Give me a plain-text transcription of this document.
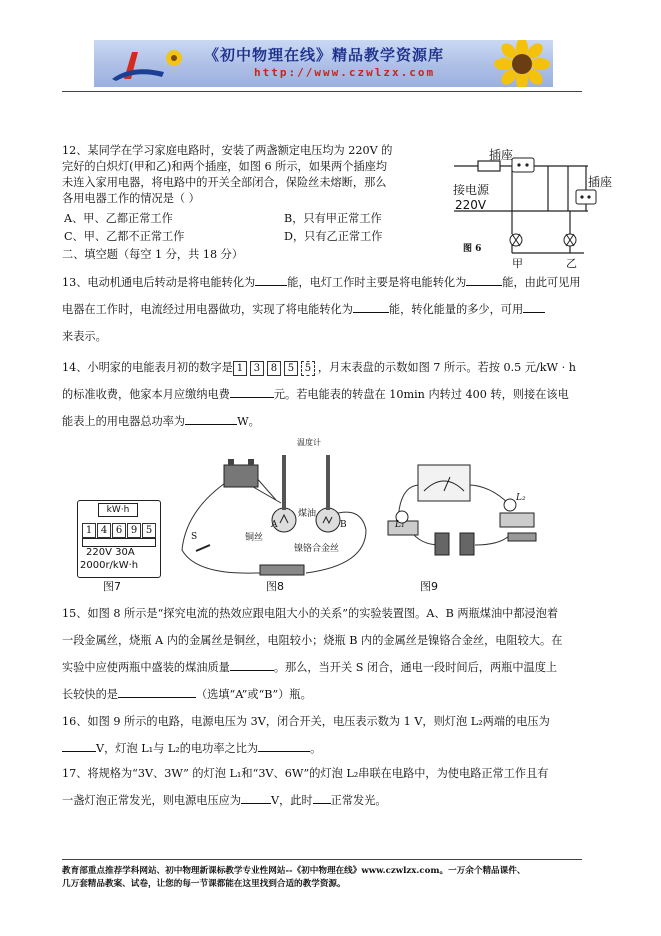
《初中物理在线》精品教学资源库
http://www.czwlzx.com
12、某同学在学习家庭电路时，安装了两盏额定电压均为 220V 的
完好的白炽灯(甲和乙)和两个插座，如图 6 所示，如果两个插座均
未连入家用电器，将电路中的开关全部闭合，保险丝未熔断，那么
各用电器工作的情况是（ ）
A、甲、乙都正常工作	B，只有甲正常工作
C、甲、乙都不正常工作	D，只有乙正常工作
插座
插座
接电源
220V
图 6
甲	乙
二、填空题（每空 1 分，共 18 分）
13、电动机通电后转动是将电能转化为	能，电灯工作时主要是将电能转化为	能，由此可见用
电器在工作时，电流经过用电器做功，实现了将电能转化为	能，转化能量的多少，可用
来表示。
14、小明家的电能表月初的数字是 1 3 8 5 5 ，月末表盘的示数如图 7 所示。若按 0.5 元/kW · h
的标准收费，他家本月应缴纳电费	元。若电能表的转盘在 10min 内转过 400 转，则接在该电
能表上的用电器总功率为	W。
kW·h
1 4 6 9 5
220V 30A
2000r/kW·h
图7
温度计
煤油
A	B
铜丝
镍铬合金丝
S
图8
L₁
L₂
图9
15、如图 8 所示是“探究电流的热效应跟电阻大小的关系”的实验装置图。A、B 两瓶煤油中都浸泡着
一段金属丝，烧瓶 A 内的金属丝是铜丝，电阻较小；烧瓶 B 内的金属丝是镍铬合金丝，电阻较大。在
实验中应使两瓶中盛装的煤油质量	。那么，当开关 S 闭合，通电一段时间后，两瓶中温度上
长较快的是	（选填“A”或“B”）瓶。
16、如图 9 所示的电路，电源电压为 3V，闭合开关，电压表示数为 1 V，则灯泡 L₂两端的电压为
V，灯泡 L₁与 L₂的电功率之比为	。
17、将规格为“3V、3W” 的灯泡 L₁和“3V、6W”的灯泡 L₂串联在电路中，为使电路正常工作且有
一盏灯泡正常发光，则电源电压应为	V，此时 正常发光。
教育部重点推荐学科网站、初中物理新课标教学专业性网站--《初中物理在线》www.czwlzx.com。一万余个精品课件、
几万套精品教案、试卷，让您的每一节课都能在这里找到合适的教学资源。
